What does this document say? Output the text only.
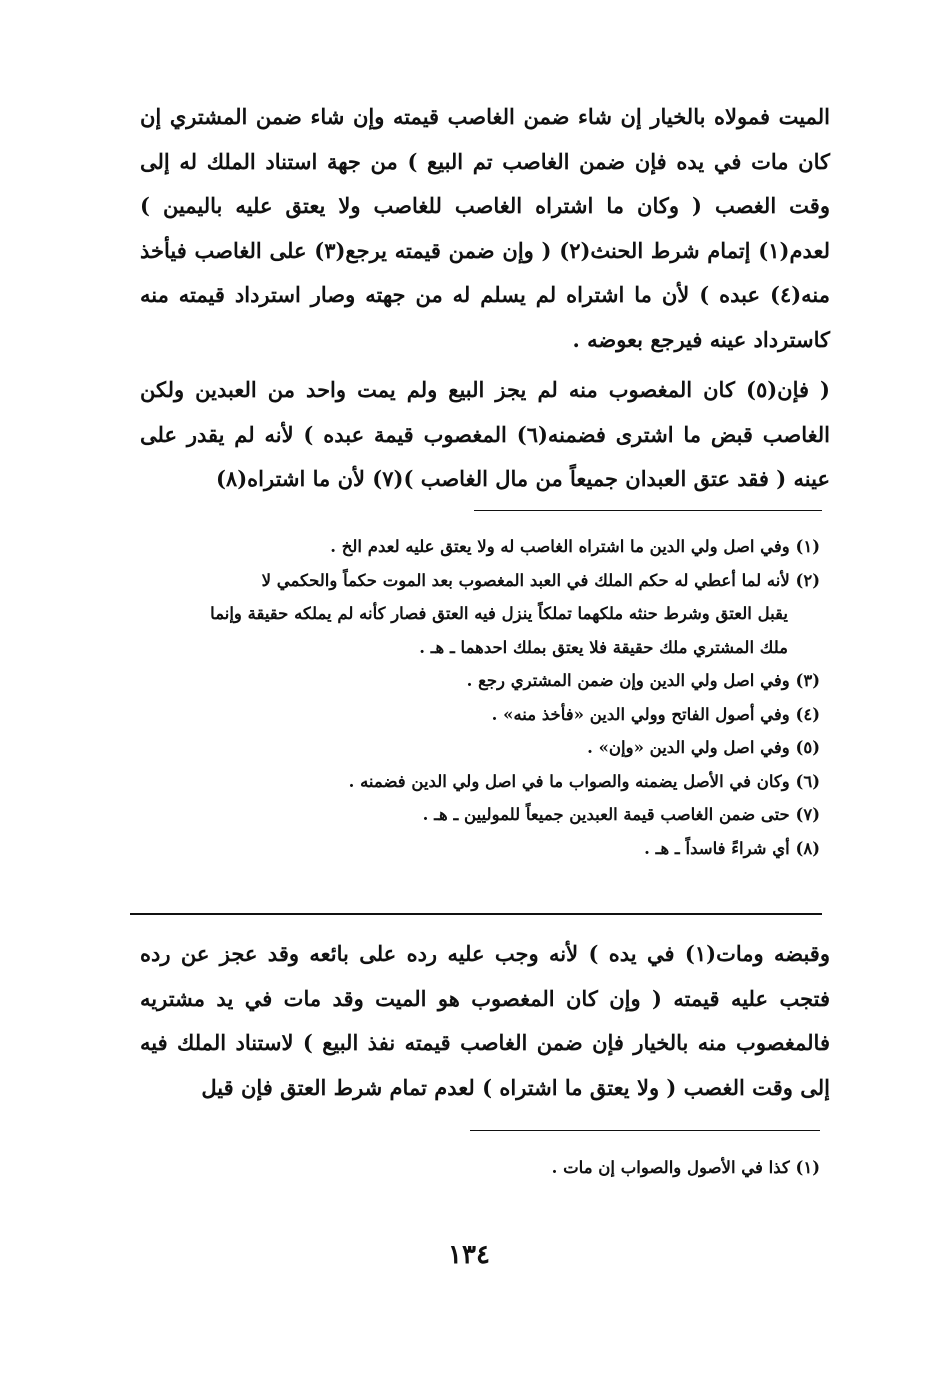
الميت فمولاه بالخيار إن شاء ضمن الغاصب قيمته وإن شاء ضمن المشتري إن كان مات في يده فإن ضمن الغاصب تم البيع ) من جهة استناد الملك له إلى وقت الغصب ( وكان ما اشتراه الغاصب للغاصب ولا يعتق عليه باليمين ) لعدم(١) إتمام شرط الحنث(٢) ( وإن ضمن قيمته يرجع(٣) على الغاصب فيأخذ منه(٤) عبده ) لأن ما اشتراه لم يسلم له من جهته وصار استرداد قيمته منه كاسترداد عينه فيرجع بعوضه .

( فإن(٥) كان المغصوب منه لم يجز البيع ولم يمت واحد من العبدين ولكن الغاصب قبض ما اشترى فضمنه(٦) المغصوب قيمة عبده ) لأنه لم يقدر على عينه ( فقد عتق العبدان جميعاً من مال الغاصب )(٧) لأن ما اشتراه(٨)

(١) وفي اصل ولي الدين ما اشتراه الغاصب له ولا يعتق عليه لعدم الخ .
(٢) لأنه لما أعطي له حكم الملك في العبد المغصوب بعد الموت حكماً والحكمي لا
يقبل العتق وشرط حنثه ملكهما تملكاً ينزل فيه العتق فصار كأنه لم يملكه حقيقة وإنما
ملك المشتري ملك حقيقة فلا يعتق بملك احدهما ـ هـ .
(٣) وفي اصل ولي الدين وإن ضمن المشتري رجع .
(٤) وفي أصول الفاتح وولي الدين «فأخذ منه» .
(٥) وفي اصل ولي الدين «وإن» .
(٦) وكان في الأصل يضمنه والصواب ما في اصل ولي الدين فضمنه .
(٧) حتى ضمن الغاصب قيمة العبدين جميعاً للموليين ـ هـ .
(٨) أي شراءً فاسداً ـ هـ .

وقبضه ومات(١) في يده ) لأنه وجب عليه رده على بائعه وقد عجز عن رده فتجب عليه قيمته ( وإن كان المغصوب هو الميت وقد مات في يد مشتريه فالمغصوب منه بالخيار فإن ضمن الغاصب قيمته نفذ البيع ) لاستناد الملك فيه إلى وقت الغصب ( ولا يعتق ما اشتراه ) لعدم تمام شرط العتق فإن قيل

(١) كذا في الأصول والصواب إن مات .
١٣٤
